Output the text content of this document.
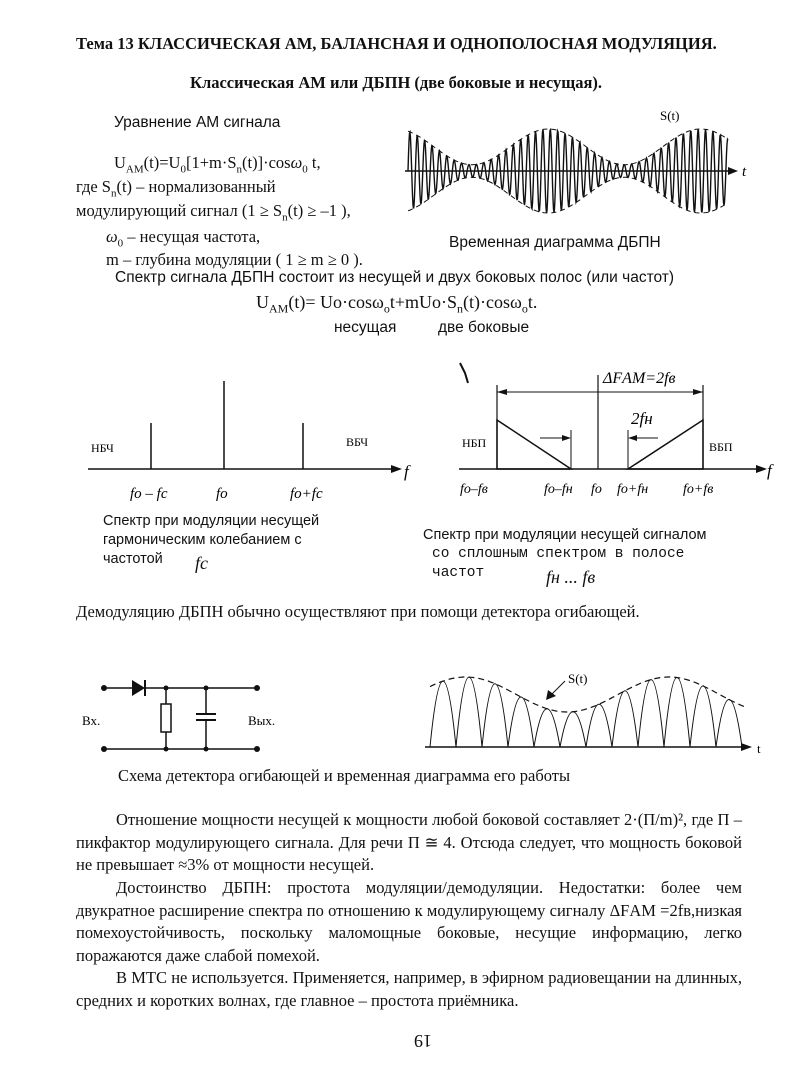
Тема 13 КЛАССИЧЕСКАЯ АМ, БАЛАНСНАЯ И ОДНОПОЛОСНАЯ МОДУЛЯЦИЯ.
Классическая АМ или ДБПН (две боковые и несущая).
Уравнение АМ сигнала
$U_{AM}(t)=U_0[1+m\cdot S_n(t)]\cdot\cos\omega_0$ t,
где $S_n(t)$ – нормализованный
модулирующий сигнал ($1 \ge S_n(t) \ge -1$ ),
$\omega_0$ – несущая частота,
m – глубина модуляции ( 1 ≥ m ≥ 0 ).
Временная диаграмма ДБПН
Спектр сигнала ДБПН состоит из несущей и двух боковых полос (или частот)
$U_{AM}(t)= Uo\cdot\cos\omega_ot+mUo\cdot S_n(t)\cdot\cos\omega_ot$.
несущая	две боковые
t
S(t)
НБЧ	ВБЧ
f
fo – fc	fo	fo+fc
Спектр при модуляции несущей
гармоническим колебанием с
частотой fc
ΔFАМ=2fв
2fн
НБП	ВБП
f
fo–fв	fo–fн fo fo+fн fo+fв
Спектр при модуляции несущей сигналом
со сплошным спектром в полосе
частот	fн ... fв
Демодуляцию ДБПН обычно осуществляют при помощи детектора огибающей.
Вх.	Вых.
t
S(t)
Схема детектора огибающей и временная диаграмма его работы
Отношение мощности несущей к мощности любой боковой составляет 2·(П/m)², где П – пикфактор модулирующего сигнала. Для речи П ≅ 4. Отсюда следует, что мощность боковой не превышает ≈3% от мощности несущей.
Достоинство ДБПН: простота модуляции/демодуляции. Недостатки: более чем двукратное расширение спектра по отношению к модулирующему сигналу ΔFАМ =2fв,низкая помехоустойчивость, поскольку маломощные боковые, несущие информацию, легко поражаются даже слабой помехой.
В МТС не используется. Применяется, например, в эфирном радиовещании на длинных, средних и коротких волнах, где главное – простота приёмника.
19
